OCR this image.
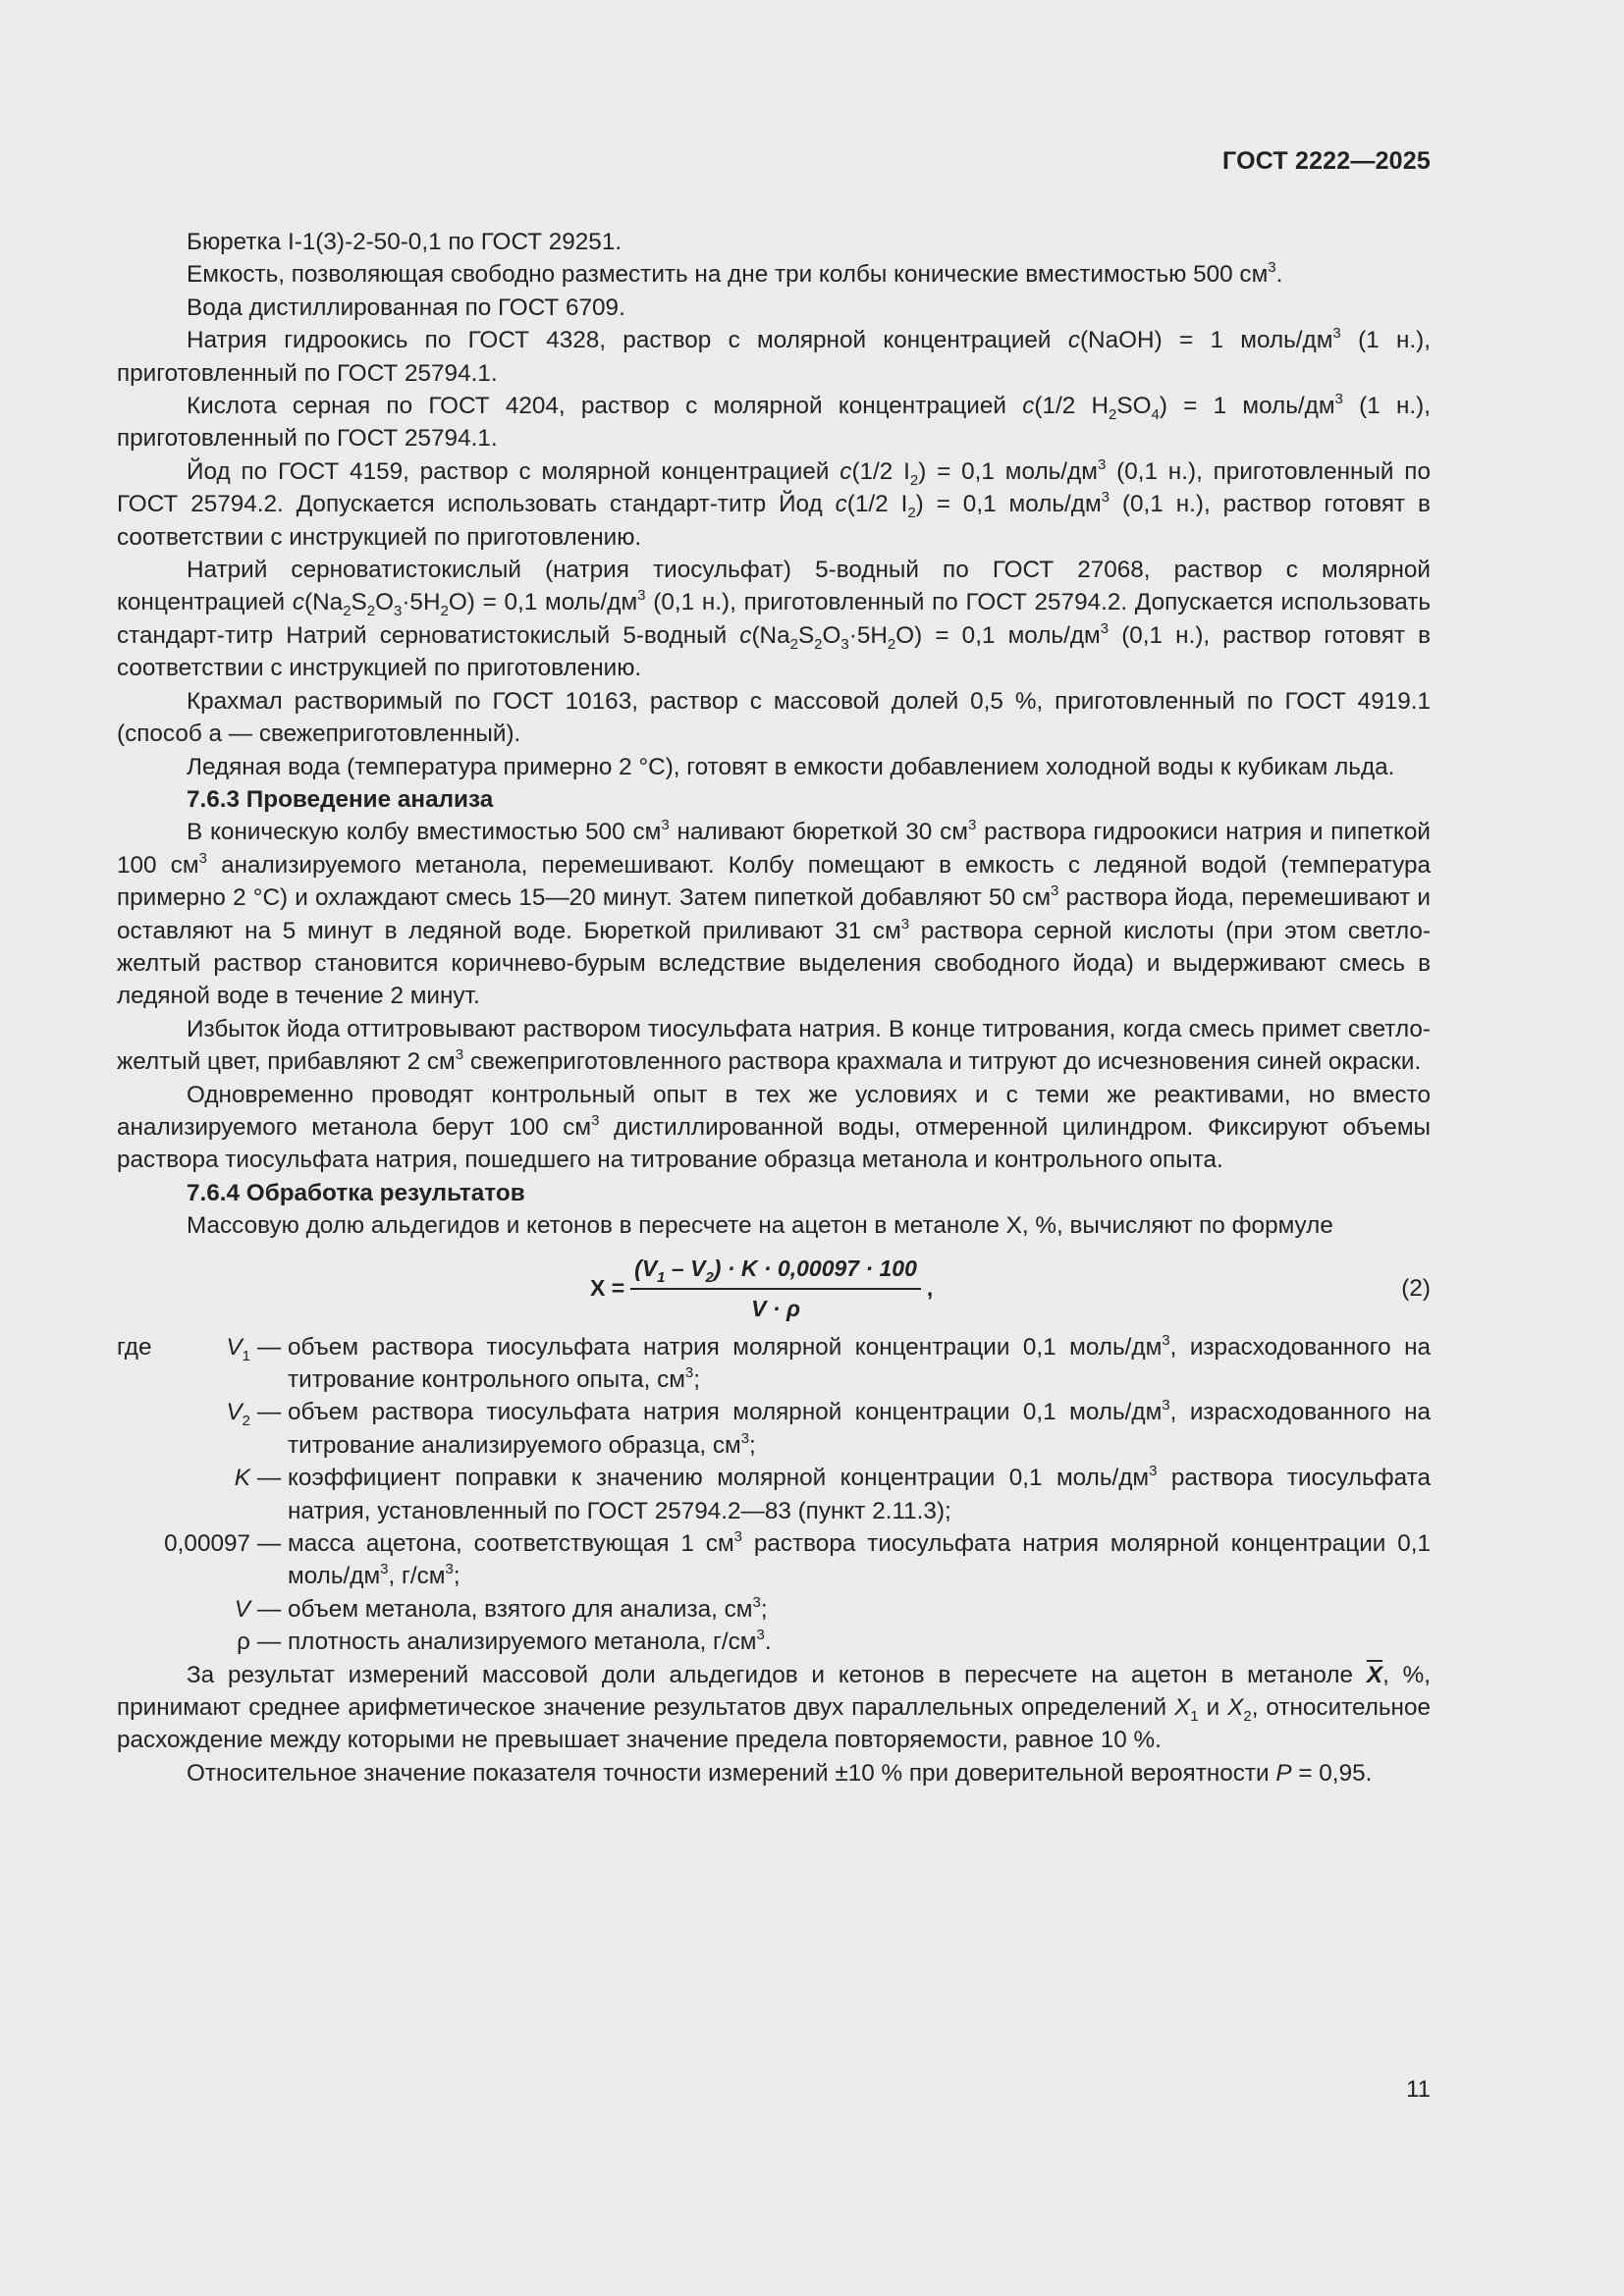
ГОСТ 2222—2025

Бюретка I-1(3)-2-50-0,1 по ГОСТ 29251.

Емкость, позволяющая свободно разместить на дне три колбы конические вместимостью 500 $см^3$.

Вода дистиллированная по ГОСТ 6709.

Натрия гидроокись по ГОСТ 4328, раствор с молярной концентрацией c(NaOH) = 1 моль/$дм^3$ (1 н.), приготовленный по ГОСТ 25794.1.

Кислота серная по ГОСТ 4204, раствор с молярной концентрацией c(1/2 $H_2SO_4) = 1$ моль/$дм^3$ (1 н.), приготовленный по ГОСТ 25794.1.

Йод по ГОСТ 4159, раствор с молярной концентрацией c(1/2 $I_2) = 0,1$ моль/$дм^3$ (0,1 н.), приготовленный по ГОСТ 25794.2. Допускается использовать стандарт-титр Йод c(1/2 $I_2) = 0,1$ моль/$дм^3$ (0,1 н.), раствор готовят в соответствии с инструкцией по приготовлению.

Натрий серноватистокислый (натрия тиосульфат) 5-водный по ГОСТ 27068, раствор с молярной концентрацией $c(Na_2S_2O_3\cdot 5H_2O) = 0,1$ моль/$дм^3$ (0,1 н.), приготовленный по ГОСТ 25794.2. Допускается использовать стандарт-титр Натрий серноватистокислый 5-водный $c(Na_2S_2O_3\cdot 5H_2O) = 0,1$ моль/$дм^3$ (0,1 н.), раствор готовят в соответствии с инструкцией по приготовлению.

Крахмал растворимый по ГОСТ 10163, раствор с массовой долей 0,5 %, приготовленный по ГОСТ 4919.1 (способ а — свежеприготовленный).

Ледяная вода (температура примерно 2 °С), готовят в емкости добавлением холодной воды к кубикам льда.

7.6.3 Проведение анализа

В коническую колбу вместимостью 500 $см^3$ наливают бюреткой 30 $см^3$ раствора гидроокиси натрия и пипеткой 100 $см^3$ анализируемого метанола, перемешивают. Колбу помещают в емкость с ледяной водой (температура примерно 2 °С) и охлаждают смесь 15—20 минут. Затем пипеткой добавляют 50 $см^3$ раствора йода, перемешивают и оставляют на 5 минут в ледяной воде. Бюреткой приливают 31 $см^3$ раствора серной кислоты (при этом светло-желтый раствор становится коричнево-бурым вследствие выделения свободного йода) и выдерживают смесь в ледяной воде в течение 2 минут.

Избыток йода оттитровывают раствором тиосульфата натрия. В конце титрования, когда смесь примет светло-желтый цвет, прибавляют 2 $см^3$ свежеприготовленного раствора крахмала и титруют до исчезновения синей окраски.

Одновременно проводят контрольный опыт в тех же условиях и с теми же реактивами, но вместо анализируемого метанола берут 100 $см^3$ дистиллированной воды, отмеренной цилиндром. Фиксируют объемы раствора тиосульфата натрия, пошедшего на титрование образца метанола и контрольного опыта.

7.6.4 Обработка результатов

Массовую долю альдегидов и кетонов в пересчете на ацетон в метаноле Х, %, вычисляют по формуле

$X = \frac{(V_1 - V_2) \cdot K \cdot 0,00097 \cdot 100}{V \cdot \rho}$ ,	(2)
где	$V_1$ — объем раствора тиосульфата натрия молярной концентрации 0,1 моль/$дм^3$, израсходованного на титрование контрольного опыта, $см^3$;
$V_2$ — объем раствора тиосульфата натрия молярной концентрации 0,1 моль/$дм^3$, израсходованного на титрование анализируемого образца, $см^3$;
K — коэффициент поправки к значению молярной концентрации 0,1 моль/$дм^3$ раствора тиосульфата натрия, установленный по ГОСТ 25794.2—83 (пункт 2.11.3);
0,00097 — масса ацетона, соответствующая 1 $см^3$ раствора тиосульфата натрия молярной концентрации 0,1 моль/$дм^3$, $г/см^3$;
V — объем метанола, взятого для анализа, $см^3$;
ρ — плотность анализируемого метанола, $г/см^3$.

За результат измерений массовой доли альдегидов и кетонов в пересчете на ацетон в метаноле $\overline{X}$, %, принимают среднее арифметическое значение результатов двух параллельных определений $X_1$ и $X_2$, относительное расхождение между которыми не превышает значение предела повторяемости, равное 10 %.

Относительное значение показателя точности измерений ±10 % при доверительной вероятности P = 0,95.

11
